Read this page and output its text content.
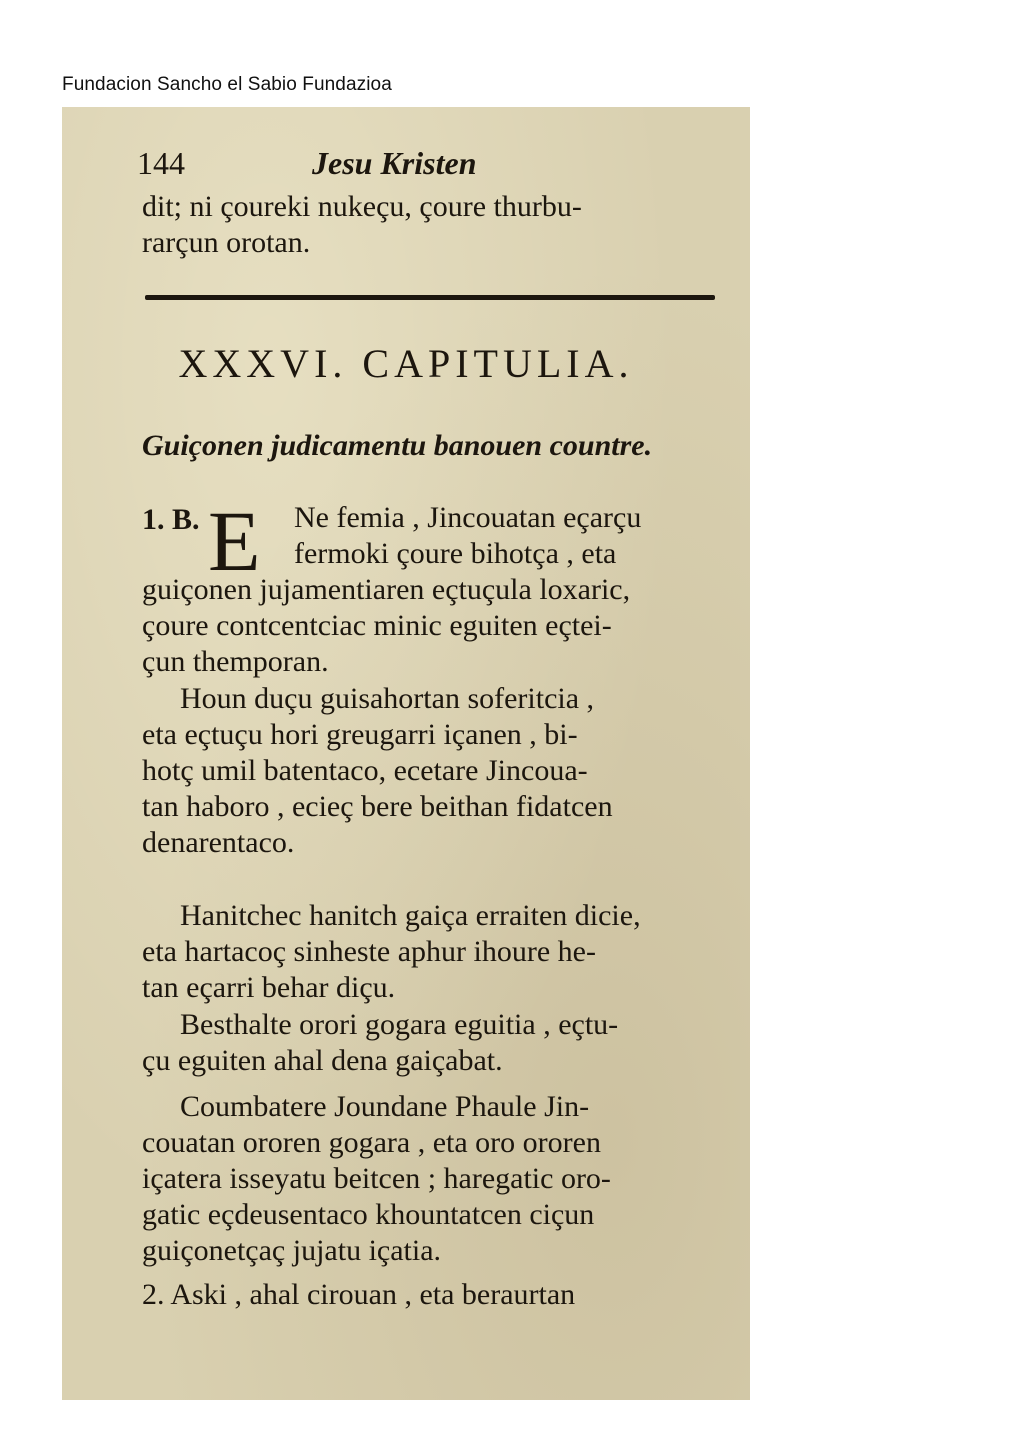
Fundacion Sancho el Sabio Fundazioa
144	Jesu Kristen
dit; ni çoureki nukeçu, çoure thurbu-
rarçun orotan.
XXXVI. CAPITULIA.
Guiçonen judicamentu banouen countre.
1. B. E Ne femia , Jincouatan eçarçu
fermoki çoure bihotça , eta
guiçonen jujamentiaren eçtuçula loxaric,
çoure contcentciac minic eguiten eçtei-
çun themporan.
Houn duçu guisahortan soferitcia ,
eta eçtuçu hori greugarri içanen , bi-
hotç umil batentaco, ecetare Jincoua-
tan haboro , ecieç bere beithan fidatcen
denarentaco.
Hanitchec hanitch gaiça erraiten dicie,
eta hartacoç sinheste aphur ihoure he-
tan eçarri behar diçu.
Besthalte orori gogara eguitia , eçtu-
çu eguiten ahal dena gaiçabat.
Coumbatere Joundane Phaule Jin-
couatan ororen gogara , eta oro ororen
içatera isseyatu beitcen ; haregatic oro-
gatic eçdeusentaco khountatcen ciçun
guiçonetçaç jujatu içatia.
2. Aski , ahal cirouan , eta beraurtan
